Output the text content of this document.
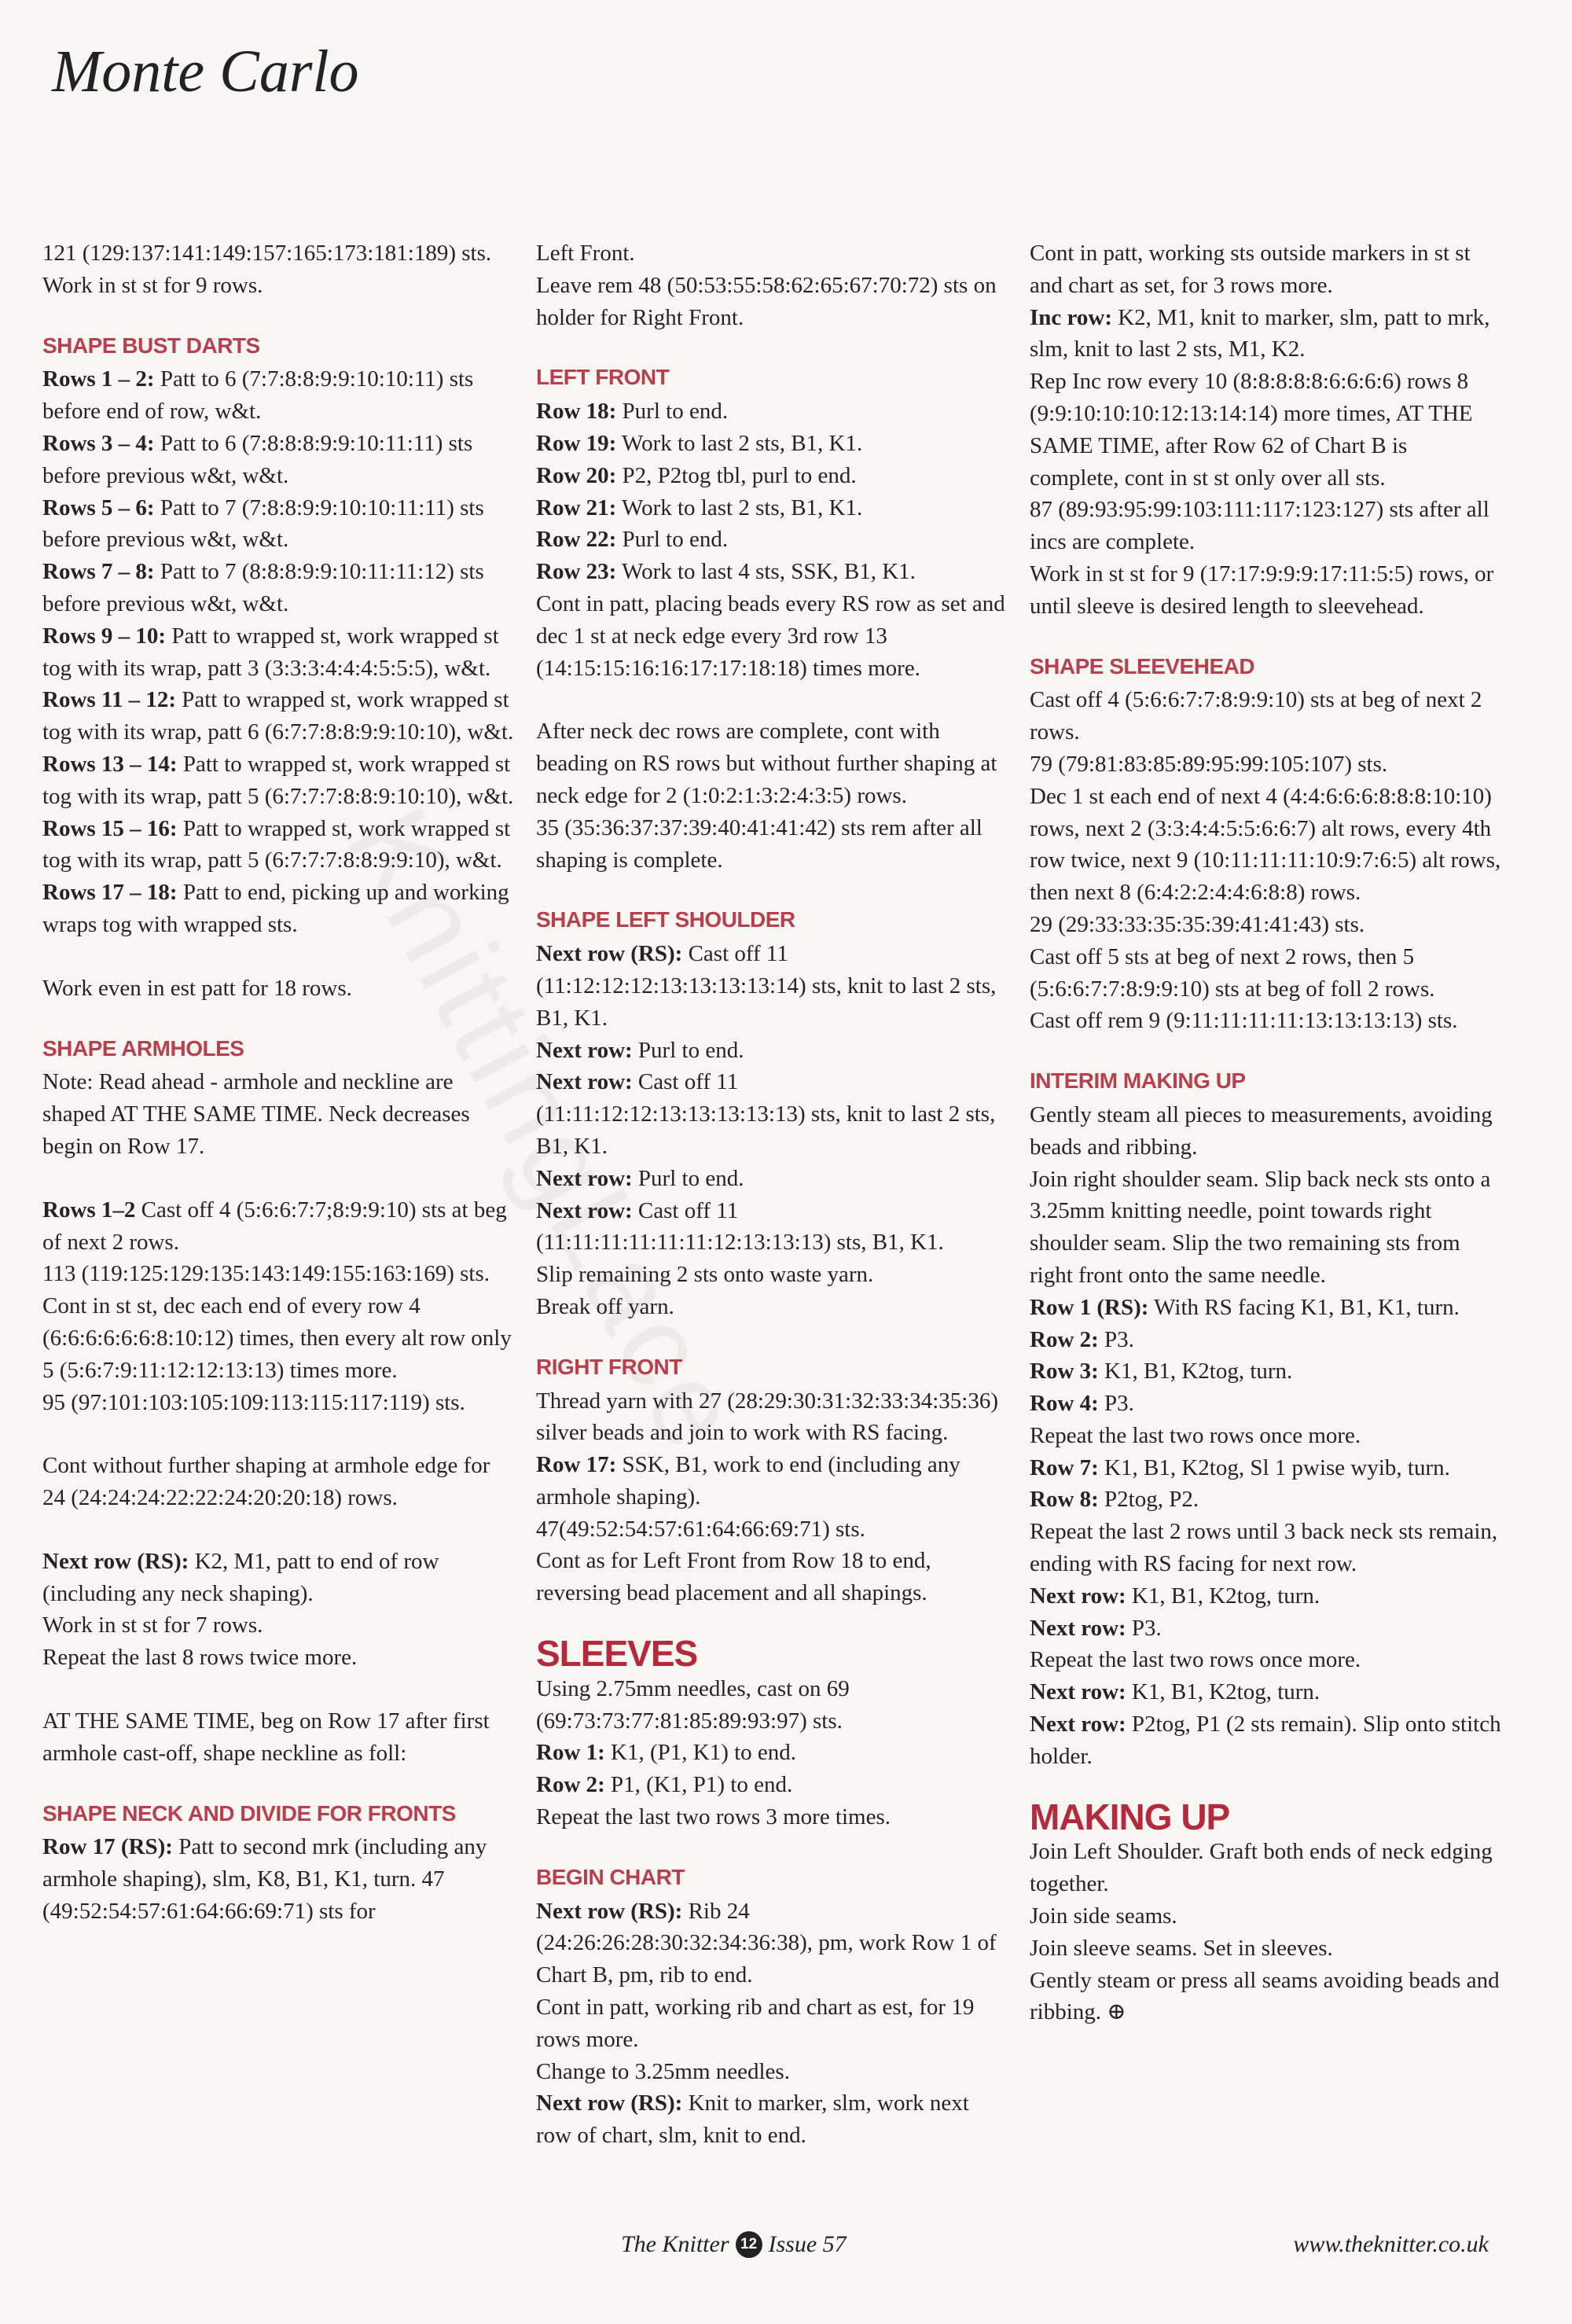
Monte Carlo

121 (129:137:141:149:157:165:173:181:189) sts.
Work in st st for 9 rows.

SHAPE BUST DARTS

Rows 1 – 2: Patt to 6 (7:7:8:8:9:9:10:10:11) sts before end of row, w&t.

Rows 3 – 4: Patt to 6 (7:8:8:8:9:9:10:11:11) sts before previous w&t, w&t.

Rows 5 – 6: Patt to 7 (7:8:8:9:9:10:10:11:11) sts before previous w&t, w&t.

Rows 7 – 8: Patt to 7 (8:8:8:9:9:10:11:11:12) sts before previous w&t, w&t.

Rows 9 – 10: Patt to wrapped st, work wrapped st tog with its wrap, patt 3 (3:3:3:4:4:4:5:5:5), w&t.

Rows 11 – 12: Patt to wrapped st, work wrapped st tog with its wrap, patt 6 (6:7:7:8:8:9:9:10:10), w&t.

Rows 13 – 14: Patt to wrapped st, work wrapped st tog with its wrap, patt 5 (6:7:7:7:8:8:9:10:10), w&t.

Rows 15 – 16: Patt to wrapped st, work wrapped st tog with its wrap, patt 5 (6:7:7:7:8:8:9:9:10), w&t.

Rows 17 – 18: Patt to end, picking up and working wraps tog with wrapped sts.

Work even in est patt for 18 rows.

SHAPE ARMHOLES

Note: Read ahead - armhole and neckline are shaped AT THE SAME TIME. Neck decreases begin on Row 17.

Rows 1–2 Cast off 4 (5:6:6:7:7;8:9:9:10) sts at beg of next 2 rows.
113 (119:125:129:135:143:149:155:163:169) sts.
Cont in st st, dec each end of every row 4 (6:6:6:6:6:6:8:10:12) times, then every alt row only 5 (5:6:7:9:11:12:12:13:13) times more.
95 (97:101:103:105:109:113:115:117:119) sts.

Cont without further shaping at armhole edge for 24 (24:24:24:22:22:24:20:20:18) rows.

Next row (RS): K2, M1, patt to end of row (including any neck shaping).
Work in st st for 7 rows.
Repeat the last 8 rows twice more.

AT THE SAME TIME, beg on Row 17 after first armhole cast-off, shape neckline as foll:

SHAPE NECK AND DIVIDE FOR FRONTS

Row 17 (RS): Patt to second mrk (including any armhole shaping), slm, K8, B1, K1, turn. 47 (49:52:54:57:61:64:66:69:71) sts for

Left Front.
Leave rem 48 (50:53:55:58:62:65:67:70:72) sts on holder for Right Front.

LEFT FRONT

Row 18: Purl to end.

Row 19: Work to last 2 sts, B1, K1.

Row 20: P2, P2tog tbl, purl to end.

Row 21: Work to last 2 sts, B1, K1.

Row 22: Purl to end.

Row 23: Work to last 4 sts, SSK, B1, K1.

Cont in patt, placing beads every RS row as set and dec 1 st at neck edge every 3rd row 13 (14:15:15:16:16:17:17:18:18) times more.

After neck dec rows are complete, cont with beading on RS rows but without further shaping at neck edge for 2 (1:0:2:1:3:2:4:3:5) rows.
35 (35:36:37:37:39:40:41:41:42) sts rem after all shaping is complete.

SHAPE LEFT SHOULDER

Next row (RS): Cast off 11 (11:12:12:12:13:13:13:13:14) sts, knit to last 2 sts, B1, K1.

Next row: Purl to end.

Next row: Cast off 11 (11:11:12:12:13:13:13:13:13) sts, knit to last 2 sts, B1, K1.

Next row: Purl to end.

Next row: Cast off 11 (11:11:11:11:11:11:12:13:13:13) sts, B1, K1.
Slip remaining 2 sts onto waste yarn.
Break off yarn.

RIGHT FRONT

Thread yarn with 27 (28:29:30:31:32:33:34:35:36) silver beads and join to work with RS facing.

Row 17: SSK, B1, work to end (including any armhole shaping).
47(49:52:54:57:61:64:66:69:71) sts.
Cont as for Left Front from Row 18 to end, reversing bead placement and all shapings.

SLEEVES

Using 2.75mm needles, cast on 69 (69:73:73:77:81:85:89:93:97) sts.

Row 1: K1, (P1, K1) to end.

Row 2: P1, (K1, P1) to end.

Repeat the last two rows 3 more times.

BEGIN CHART

Next row (RS): Rib 24 (24:26:26:28:30:32:34:36:38), pm, work Row 1 of Chart B, pm, rib to end.
Cont in patt, working rib and chart as est, for 19 rows more.
Change to 3.25mm needles.

Next row (RS): Knit to marker, slm, work next row of chart, slm, knit to end.

Cont in patt, working sts outside markers in st st and chart as set, for 3 rows more.

Inc row: K2, M1, knit to marker, slm, patt to mrk, slm, knit to last 2 sts, M1, K2.
Rep Inc row every 10 (8:8:8:8:8:6:6:6:6) rows 8 (9:9:10:10:10:12:13:14:14) more times, AT THE SAME TIME, after Row 62 of Chart B is complete, cont in st st only over all sts.
87 (89:93:95:99:103:111:117:123:127) sts after all incs are complete.
Work in st st for 9 (17:17:9:9:9:17:11:5:5) rows, or until sleeve is desired length to sleevehead.

SHAPE SLEEVEHEAD

Cast off 4 (5:6:6:7:7:8:9:9:10) sts at beg of next 2 rows.
79 (79:81:83:85:89:95:99:105:107) sts.
Dec 1 st each end of next 4 (4:4:6:6:6:8:8:8:10:10) rows, next 2 (3:3:4:4:5:5:6:6:7) alt rows, every 4th row twice, next 9 (10:11:11:11:10:9:7:6:5) alt rows, then next 8 (6:4:2:2:4:4:6:8:8) rows.
29 (29:33:33:35:35:39:41:41:43) sts.
Cast off 5 sts at beg of next 2 rows, then 5 (5:6:6:7:7:8:9:9:10) sts at beg of foll 2 rows.
Cast off rem 9 (9:11:11:11:11:13:13:13:13) sts.

INTERIM MAKING UP

Gently steam all pieces to measurements, avoiding beads and ribbing.
Join right shoulder seam. Slip back neck sts onto a 3.25mm knitting needle, point towards right shoulder seam. Slip the two remaining sts from right front onto the same needle.

Row 1 (RS): With RS facing K1, B1, K1, turn.

Row 2: P3.

Row 3: K1, B1, K2tog, turn.

Row 4: P3.

Repeat the last two rows once more.

Row 7: K1, B1, K2tog, Sl 1 pwise wyib, turn.

Row 8: P2tog, P2.

Repeat the last 2 rows until 3 back neck sts remain, ending with RS facing for next row.

Next row: K1, B1, K2tog, turn.

Next row: P3.

Repeat the last two rows once more.

Next row: K1, B1, K2tog, turn.

Next row: P2tog, P1 (2 sts remain). Slip onto stitch holder.

MAKING UP

Join Left Shoulder. Graft both ends of neck edging together.
Join side seams.
Join sleeve seams. Set in sleeves.
Gently steam or press all seams avoiding beads and ribbing. ⊕

The Knitter 12 Issue 57	www.theknitter.co.uk
